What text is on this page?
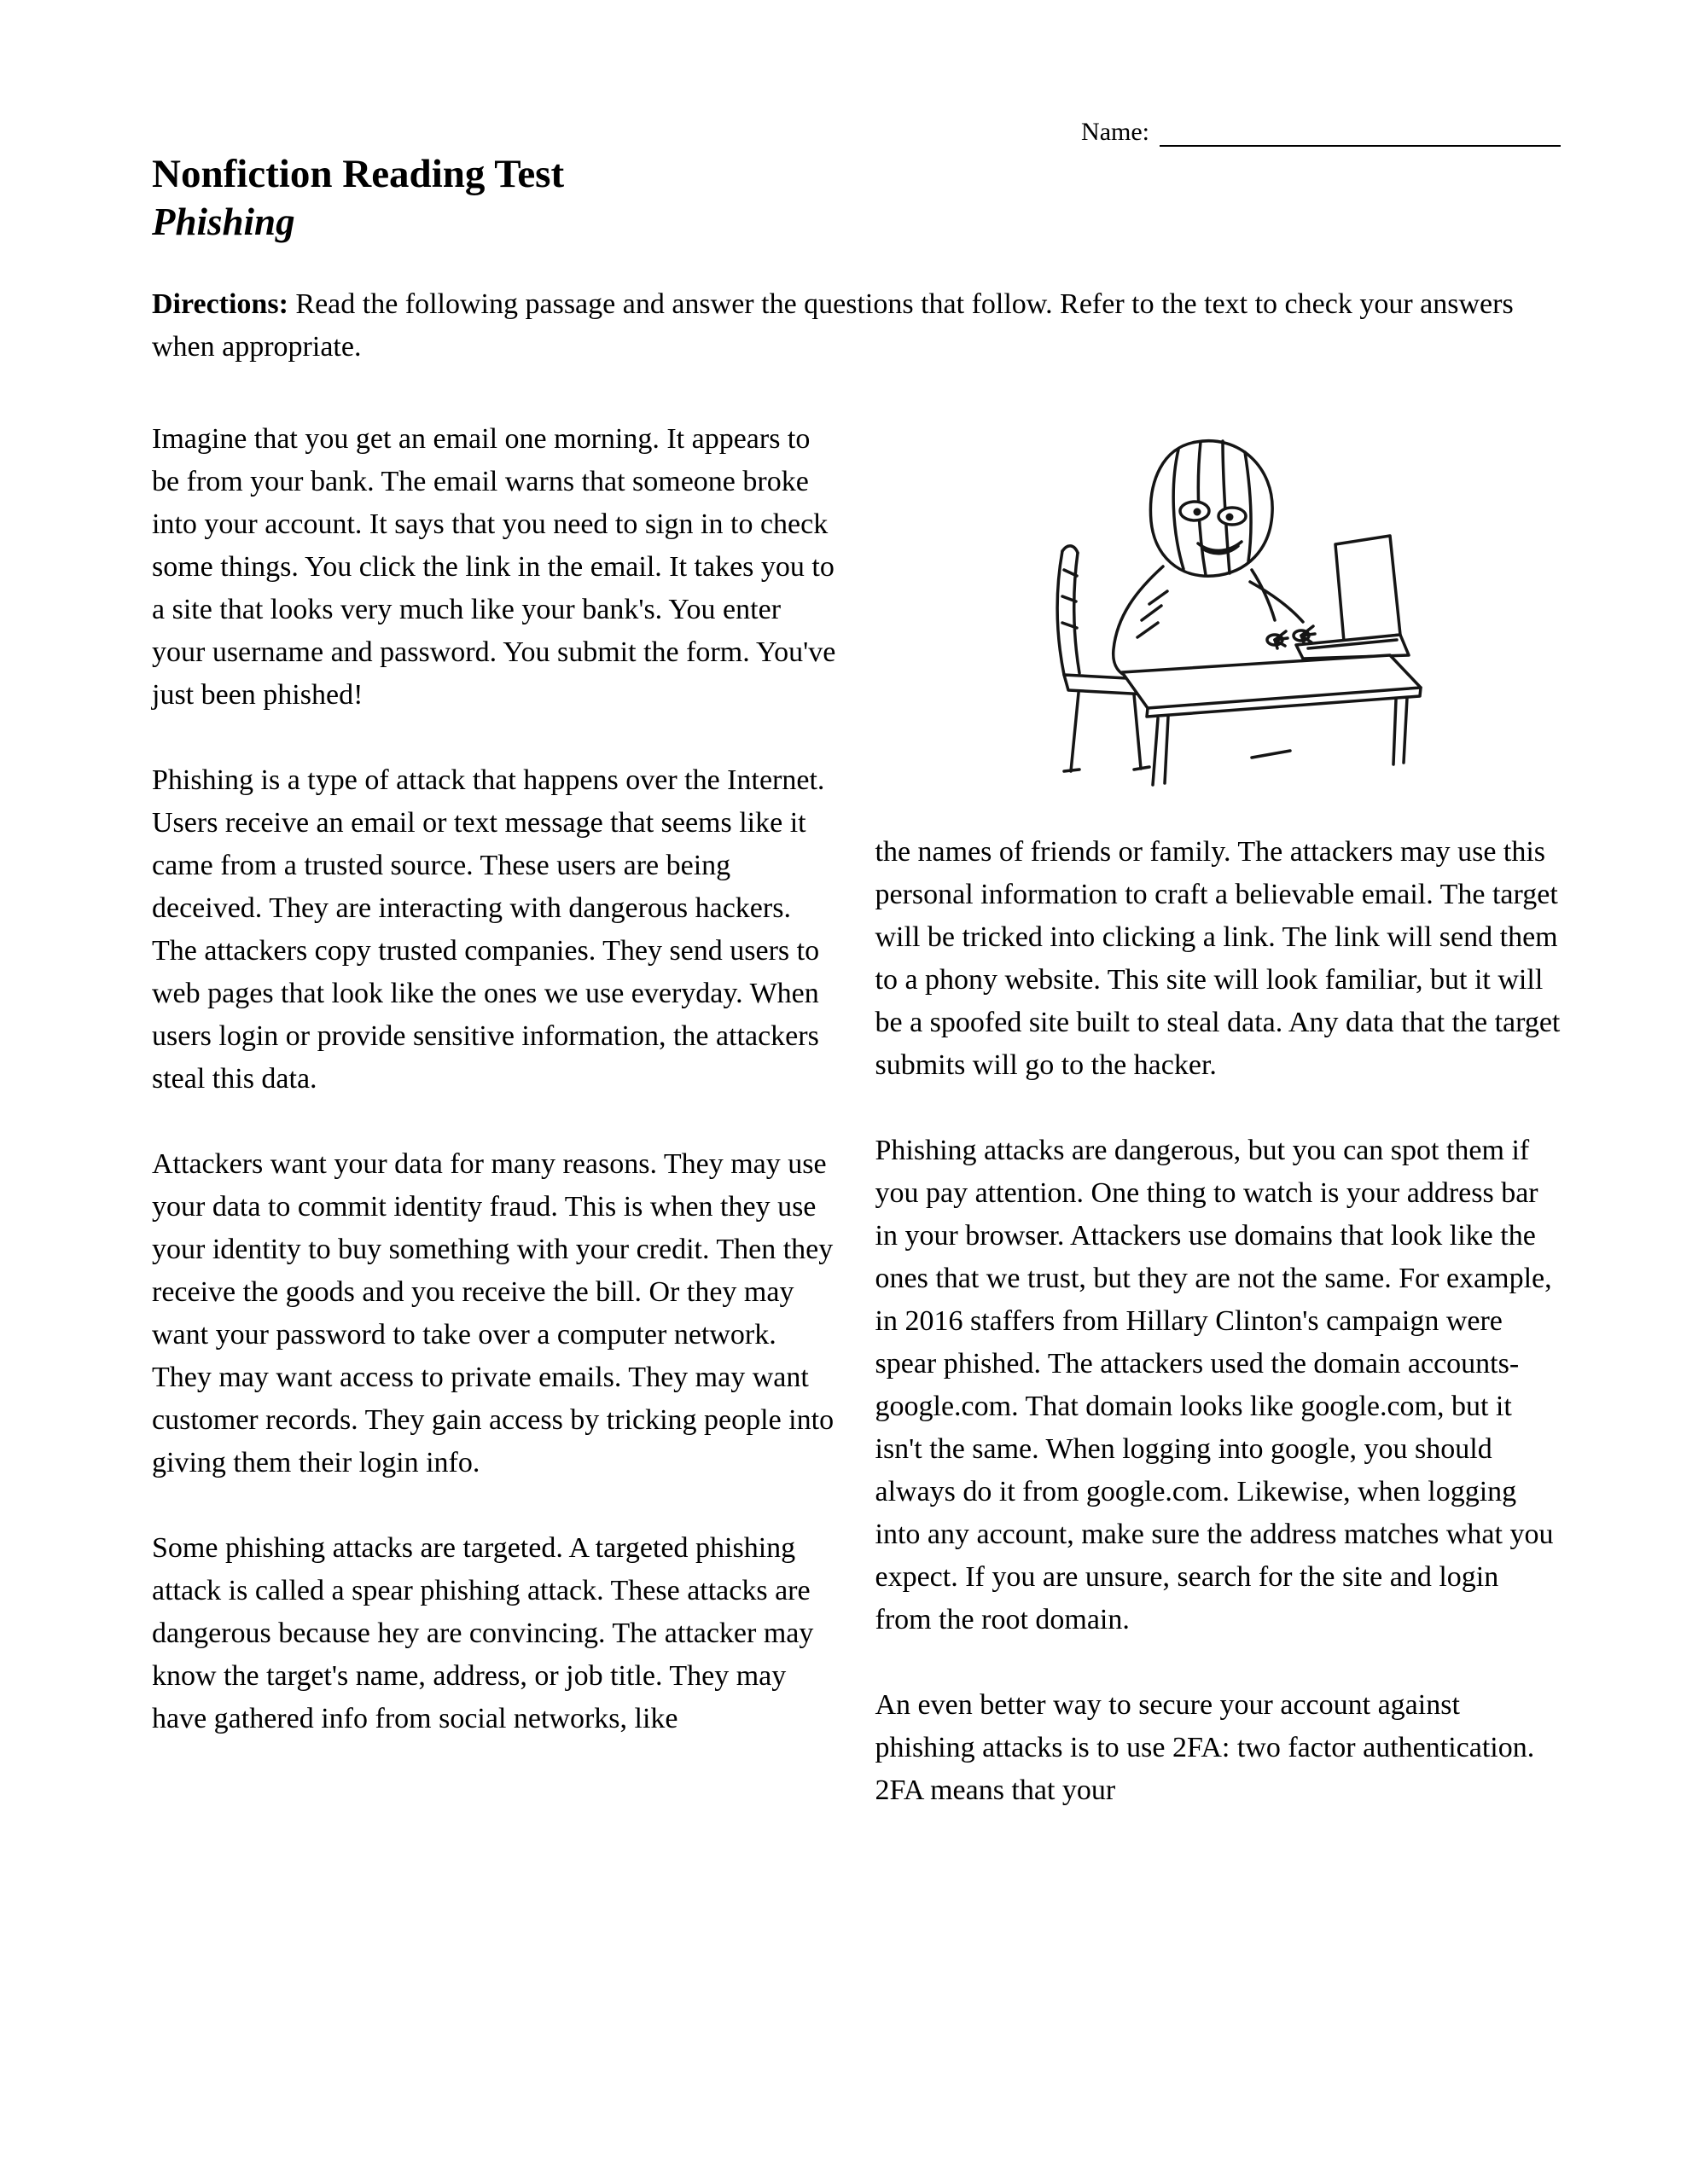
Name:
Nonfiction Reading Test
Phishing

Directions: Read the following passage and answer the questions that follow. Refer to the text to check your answers when appropriate.

Imagine that you get an email one morning. It appears to be from your bank. The email warns that someone broke into your account. It says that you need to sign in to check some things. You click the link in the email. It takes you to a site that looks very much like your bank's. You enter your username and password. You submit the form. You've just been phished!

Phishing is a type of attack that happens over the Internet. Users receive an email or text message that seems like it came from a trusted source. These users are being deceived. They are interacting with dangerous hackers. The attackers copy trusted companies. They send users to web pages that look like the ones we use everyday. When users login or provide sensitive information, the attackers steal this data.

Attackers want your data for many reasons. They may use your data to commit identity fraud. This is when they use your identity to buy something with your credit. Then they receive the goods and you receive the bill. Or they may want your password to take over a computer network. They may want access to private emails. They may want customer records. They gain access by tricking people into giving them their login info.

Some phishing attacks are targeted. A targeted phishing attack is called a spear phishing attack. These attacks are dangerous because hey are convincing. The attacker may know the target's name, address, or job title. They may have gathered info from social networks, like

the names of friends or family. The attackers may use this personal information to craft a believable email. The target will be tricked into clicking a link. The link will send them to a phony website. This site will look familiar, but it will be a spoofed site built to steal data. Any data that the target submits will go to the hacker.

Phishing attacks are dangerous, but you can spot them if you pay attention. One thing to watch is your address bar in your browser. Attackers use domains that look like the ones that we trust, but they are not the same. For example, in 2016 staffers from Hillary Clinton's campaign were spear phished. The attackers used the domain accounts-google.com. That domain looks like google.com, but it isn't the same. When logging into google, you should always do it from google.com. Likewise, when logging into any account, make sure the address matches what you expect. If you are unsure, search for the site and login from the root domain.

An even better way to secure your account against phishing attacks is to use 2FA: two factor authentication. 2FA means that your
